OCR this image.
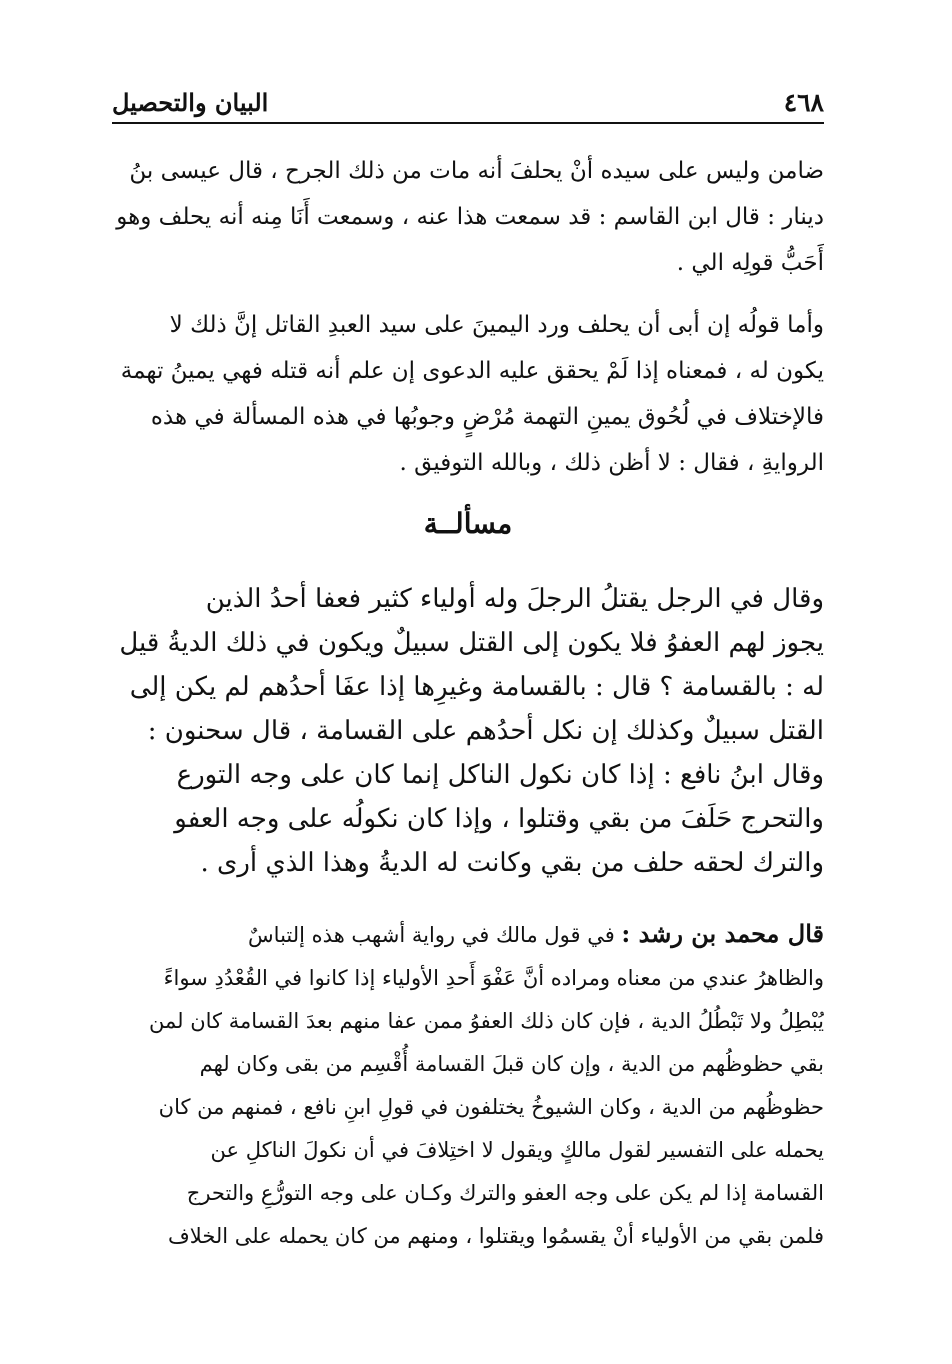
٤٦٨
البيان والتحصيل
ضامن وليس على سيده أنْ يحلفَ أنه مات من ذلك الجرح ، قال عيسى بنُ
دينار : قال ابن القاسم : قد سمعت هذا عنه ، وسمعت أَنَا مِنه أنه يحلف وهو
أَحَبُّ قولِه الي .
وأما قولُه إن أبى أن يحلف ورد اليمينَ على سيد العبدِ القاتل إنَّ ذلك لا
يكون له ، فمعناه إذا لَمْ يحقق عليه الدعوى إن علم أنه قتله فهي يمينُ تهمة
فالإختلاف في لُحُوق يمينِ التهمة مُرْضٍ وجوبُها في هذه المسألة في هذه
الروايةِ ، فقال : لا أظن ذلك ، وبالله التوفيق .
مسألــة
وقال في الرجل يقتلُ الرجلَ وله أولياء كثير فعفا أحدُ الذين
يجوز لهم العفوُ فلا يكون إلى القتل سبيلٌ ويكون في ذلك الديةُ قيل
له : بالقسامة ؟ قال : بالقسامة وغيرِها إذا عفَا أحدُهم لم يكن إلى
القتل سبيلٌ وكذلك إن نكل أحدُهم على القسامة ، قال سحنون :
وقال ابنُ نافع : إذا كان نكول الناكل إنما كان على وجه التورع
والتحرج حَلَفَ من بقي وقتلوا ، وإذا كان نكولُه على وجه العفو
والترك لحقه حلف من بقي وكانت له الديةُ وهذا الذي أرى .
قال محمد بن رشد : في قول مالك في رواية أشهب هذه إلتباسٌ
والظاهرُ عندي من معناه ومراده أنَّ عَفْوَ أَحدِ الأولياء إذا كانوا في القُعْدُدِ سواءً
يُبْطِلُ ولا تَبْطُلُ الدية ، فإن كان ذلك العفوُ ممن عفا منهم بعدَ القسامة كان لمن
بقي حظوظُهم من الدية ، وإن كان قبلَ القسامة أُقْسِم من بقى وكان لهم
حظوظُهم من الدية ، وكان الشيوخُ يختلفون في قولِ ابنِ نافع ، فمنهم من كان
يحمله على التفسير لقول مالكٍ ويقول لا اختِلافَ في أن نكولَ الناكلِ عن
القسامة إذا لم يكن على وجه العفو والترك وكـان على وجه التورُّعِ والتحرج
فلمن بقي من الأولياء أنْ يقسمُوا ويقتلوا ، ومنهم من كان يحمله على الخلاف
